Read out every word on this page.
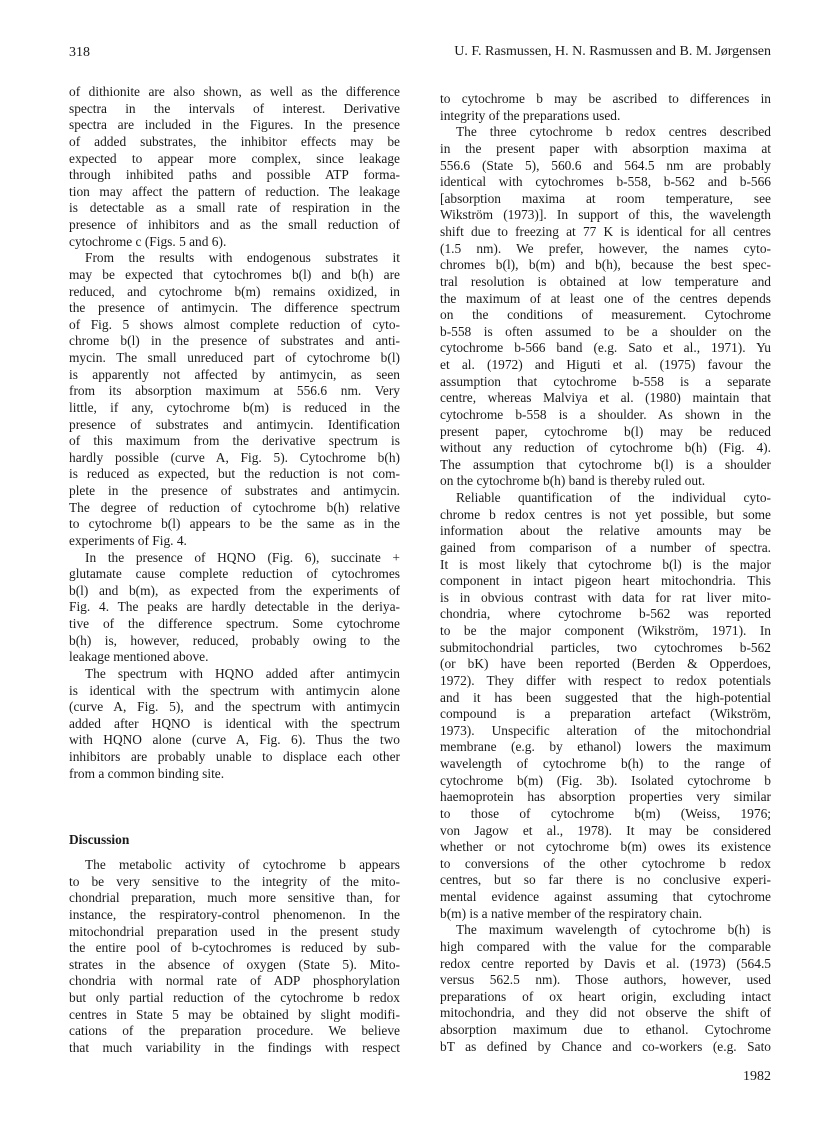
318	U. F. Rasmussen, H. N. Rasmussen and B. M. Jørgensen
of dithionite are also shown, as well as the difference
spectra in the intervals of interest. Derivative
spectra are included in the Figures. In the presence
of added substrates, the inhibitor effects may be
expected to appear more complex, since leakage
through inhibited paths and possible ATP forma-
tion may affect the pattern of reduction. The leakage
is detectable as a small rate of respiration in the
presence of inhibitors and as the small reduction of
cytochrome c (Figs. 5 and 6).
From the results with endogenous substrates it
may be expected that cytochromes b(l) and b(h) are
reduced, and cytochrome b(m) remains oxidized, in
the presence of antimycin. The difference spectrum
of Fig. 5 shows almost complete reduction of cyto-
chrome b(l) in the presence of substrates and anti-
mycin. The small unreduced part of cytochrome b(l)
is apparently not affected by antimycin, as seen
from its absorption maximum at 556.6 nm. Very
little, if any, cytochrome b(m) is reduced in the
presence of substrates and antimycin. Identification
of this maximum from the derivative spectrum is
hardly possible (curve A, Fig. 5). Cytochrome b(h)
is reduced as expected, but the reduction is not com-
plete in the presence of substrates and antimycin.
The degree of reduction of cytochrome b(h) relative
to cytochrome b(l) appears to be the same as in the
experiments of Fig. 4.
In the presence of HQNO (Fig. 6), succinate +
glutamate cause complete reduction of cytochromes
b(l) and b(m), as expected from the experiments of
Fig. 4. The peaks are hardly detectable in the deriya-
tive of the difference spectrum. Some cytochrome
b(h) is, however, reduced, probably owing to the
leakage mentioned above.
The spectrum with HQNO added after antimycin
is identical with the spectrum with antimycin alone
(curve A, Fig. 5), and the spectrum with antimycin
added after HQNO is identical with the spectrum
with HQNO alone (curve A, Fig. 6). Thus the two
inhibitors are probably unable to displace each other
from a common binding site.
Discussion
The metabolic activity of cytochrome b appears
to be very sensitive to the integrity of the mito-
chondrial preparation, much more sensitive than, for
instance, the respiratory-control phenomenon. In the
mitochondrial preparation used in the present study
the entire pool of b-cytochromes is reduced by sub-
strates in the absence of oxygen (State 5). Mito-
chondria with normal rate of ADP phosphorylation
but only partial reduction of the cytochrome b redox
centres in State 5 may be obtained by slight modifi-
cations of the preparation procedure. We believe
that much variability in the findings with respect
to cytochrome b may be ascribed to differences in
integrity of the preparations used.
The three cytochrome b redox centres described
in the present paper with absorption maxima at
556.6 (State 5), 560.6 and 564.5 nm are probably
identical with cytochromes b-558, b-562 and b-566
[absorption maxima at room temperature, see
Wikström (1973)]. In support of this, the wavelength
shift due to freezing at 77 K is identical for all centres
(1.5 nm). We prefer, however, the names cyto-
chromes b(l), b(m) and b(h), because the best spec-
tral resolution is obtained at low temperature and
the maximum of at least one of the centres depends
on the conditions of measurement. Cytochrome
b-558 is often assumed to be a shoulder on the
cytochrome b-566 band (e.g. Sato et al., 1971). Yu
et al. (1972) and Higuti et al. (1975) favour the
assumption that cytochrome b-558 is a separate
centre, whereas Malviya et al. (1980) maintain that
cytochrome b-558 is a shoulder. As shown in the
present paper, cytochrome b(l) may be reduced
without any reduction of cytochrome b(h) (Fig. 4).
The assumption that cytochrome b(l) is a shoulder
on the cytochrome b(h) band is thereby ruled out.
Reliable quantification of the individual cyto-
chrome b redox centres is not yet possible, but some
information about the relative amounts may be
gained from comparison of a number of spectra.
It is most likely that cytochrome b(l) is the major
component in intact pigeon heart mitochondria. This
is in obvious contrast with data for rat liver mito-
chondria, where cytochrome b-562 was reported
to be the major component (Wikström, 1971). In
submitochondrial particles, two cytochromes b-562
(or bK) have been reported (Berden & Opperdoes,
1972). They differ with respect to redox potentials
and it has been suggested that the high-potential
compound is a preparation artefact (Wikström,
1973). Unspecific alteration of the mitochondrial
membrane (e.g. by ethanol) lowers the maximum
wavelength of cytochrome b(h) to the range of
cytochrome b(m) (Fig. 3b). Isolated cytochrome b
haemoprotein has absorption properties very similar
to those of cytochrome b(m) (Weiss, 1976;
von Jagow et al., 1978). It may be considered
whether or not cytochrome b(m) owes its existence
to conversions of the other cytochrome b redox
centres, but so far there is no conclusive experi-
mental evidence against assuming that cytochrome
b(m) is a native member of the respiratory chain.
The maximum wavelength of cytochrome b(h) is
high compared with the value for the comparable
redox centre reported by Davis et al. (1973) (564.5
versus 562.5 nm). Those authors, however, used
preparations of ox heart origin, excluding intact
mitochondria, and they did not observe the shift of
absorption maximum due to ethanol. Cytochrome
bT as defined by Chance and co-workers (e.g. Sato
1982
